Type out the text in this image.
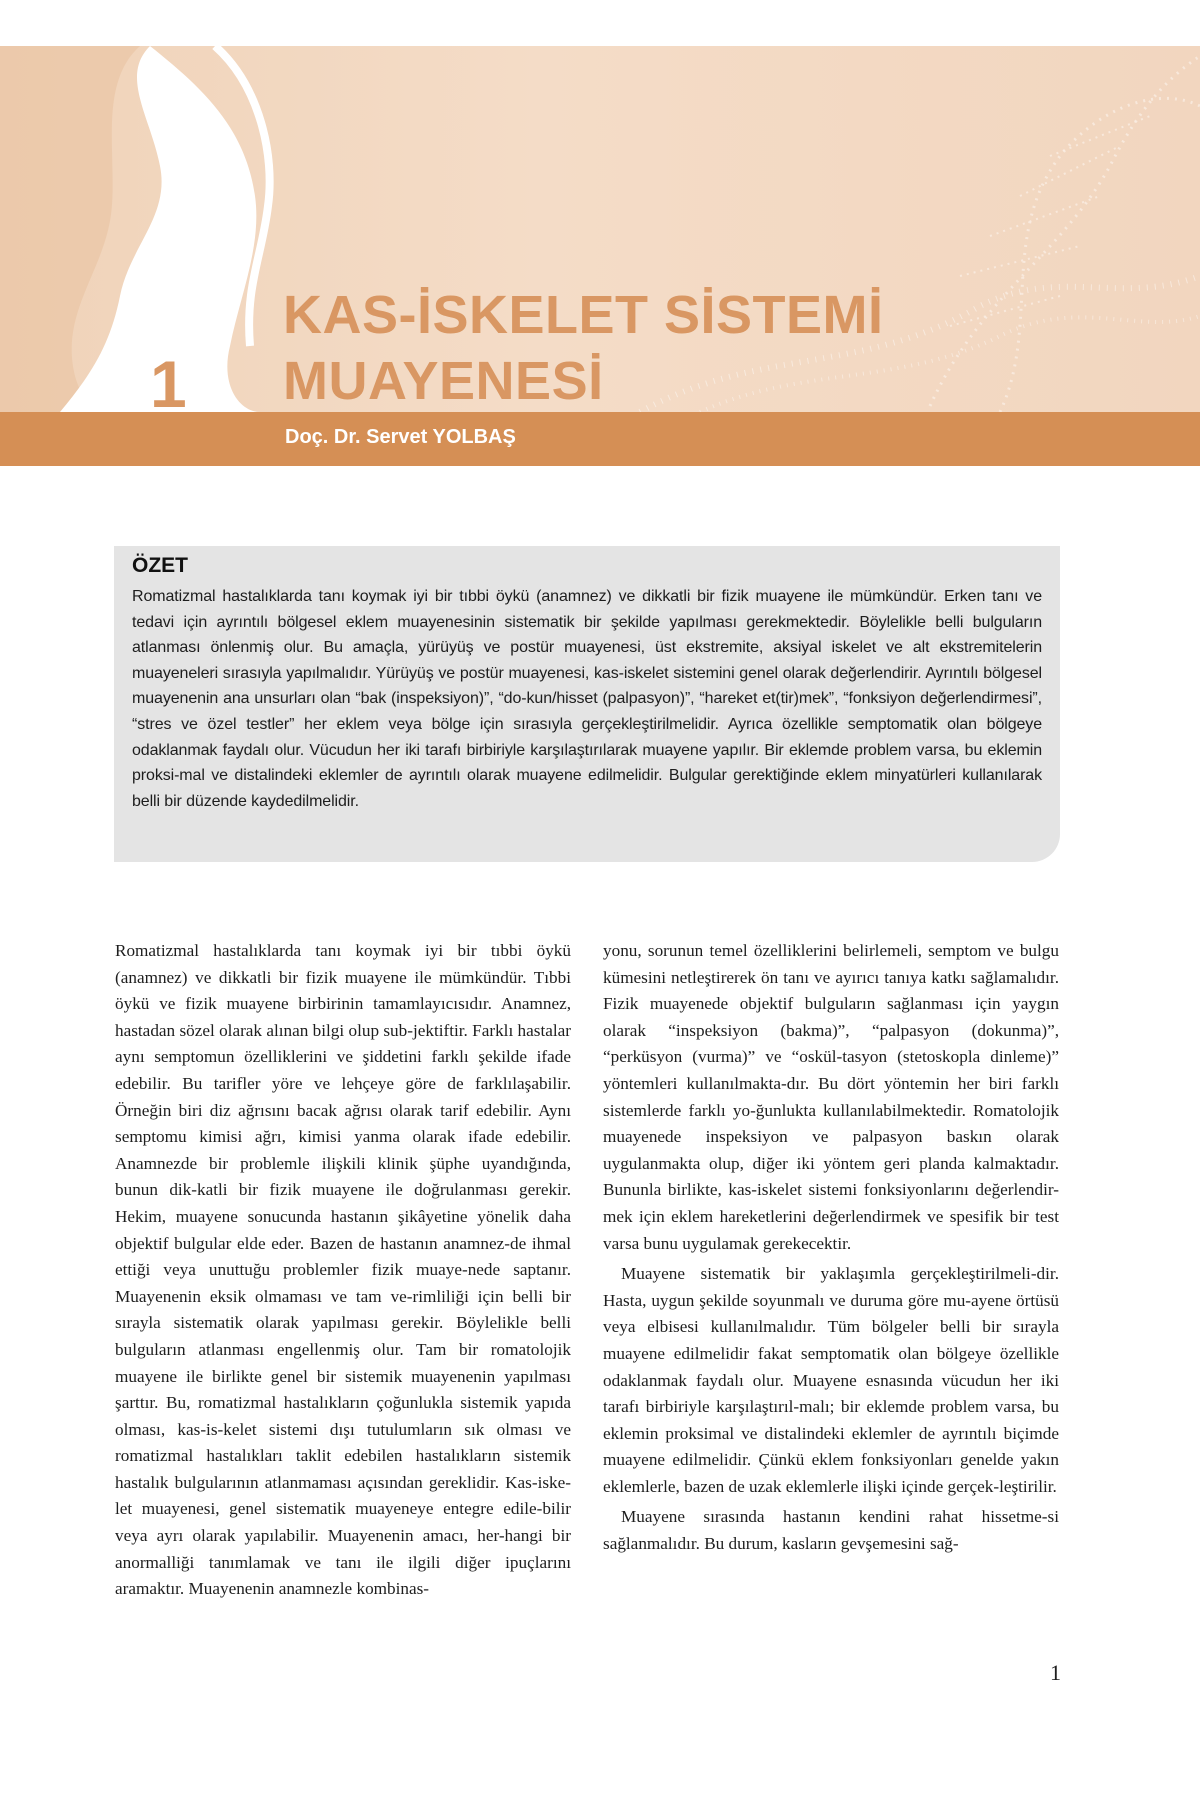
1
KAS-İSKELET SİSTEMİ
MUAYENESİ
Doç. Dr. Servet YOLBAŞ
ÖZET

Romatizmal hastalıklarda tanı koymak iyi bir tıbbi öykü (anamnez) ve dikkatli bir fizik muayene ile mümkündür. Erken tanı ve tedavi için ayrıntılı bölgesel eklem muayenesinin sistematik bir şekilde yapılması gerekmektedir. Böylelikle belli bulguların atlanması önlenmiş olur. Bu amaçla, yürüyüş ve postür muayenesi, üst ekstremite, aksiyal iskelet ve alt ekstremitelerin muayeneleri sırasıyla yapılmalıdır. Yürüyüş ve postür muayenesi, kas-iskelet sistemini genel olarak değerlendirir. Ayrıntılı bölgesel muayenenin ana unsurları olan “bak (inspeksiyon)”, “do-kun/hisset (palpasyon)”, “hareket et(tir)mek”, “fonksiyon değerlendirmesi”, “stres ve özel testler” her eklem veya bölge için sırasıyla gerçekleştirilmelidir. Ayrıca özellikle semptomatik olan bölgeye odaklanmak faydalı olur. Vücudun her iki tarafı birbiriyle karşılaştırılarak muayene yapılır. Bir eklemde problem varsa, bu eklemin proksi-mal ve distalindeki eklemler de ayrıntılı olarak muayene edilmelidir. Bulgular gerektiğinde eklem minyatürleri kullanılarak belli bir düzende kaydedilmelidir.

Romatizmal hastalıklarda tanı koymak iyi bir tıbbi öykü (anamnez) ve dikkatli bir fizik muayene ile mümkündür. Tıbbi öykü ve fizik muayene birbirinin tamamlayıcısıdır. Anamnez, hastadan sözel olarak alınan bilgi olup sub-jektiftir. Farklı hastalar aynı semptomun özelliklerini ve şiddetini farklı şekilde ifade edebilir. Bu tarifler yöre ve lehçeye göre de farklılaşabilir. Örneğin biri diz ağrısını bacak ağrısı olarak tarif edebilir. Aynı semptomu kimisi ağrı, kimisi yanma olarak ifade edebilir. Anamnezde bir problemle ilişkili klinik şüphe uyandığında, bunun dik-katli bir fizik muayene ile doğrulanması gerekir. Hekim, muayene sonucunda hastanın şikâyetine yönelik daha objektif bulgular elde eder. Bazen de hastanın anamnez-de ihmal ettiği veya unuttuğu problemler fizik muaye-nede saptanır. Muayenenin eksik olmaması ve tam ve-rimliliği için belli bir sırayla sistematik olarak yapılması gerekir. Böylelikle belli bulguların atlanması engellenmiş olur. Tam bir romatolojik muayene ile birlikte genel bir sistemik muayenenin yapılması şarttır. Bu, romatizmal hastalıkların çoğunlukla sistemik yapıda olması, kas-is-kelet sistemi dışı tutulumların sık olması ve romatizmal hastalıkları taklit edebilen hastalıkların sistemik hastalık bulgularının atlanmaması açısından gereklidir. Kas-iske-let muayenesi, genel sistematik muayeneye entegre edile-bilir veya ayrı olarak yapılabilir. Muayenenin amacı, her-hangi bir anormalliği tanımlamak ve tanı ile ilgili diğer ipuçlarını aramaktır. Muayenenin anamnezle kombinas-

yonu, sorunun temel özelliklerini belirlemeli, semptom ve bulgu kümesini netleştirerek ön tanı ve ayırıcı tanıya katkı sağlamalıdır. Fizik muayenede objektif bulguların sağlanması için yaygın olarak “inspeksiyon (bakma)”, “palpasyon (dokunma)”, “perküsyon (vurma)” ve “oskül-tasyon (stetoskopla dinleme)” yöntemleri kullanılmakta-dır. Bu dört yöntemin her biri farklı sistemlerde farklı yo-ğunlukta kullanılabilmektedir. Romatolojik muayenede inspeksiyon ve palpasyon baskın olarak uygulanmakta olup, diğer iki yöntem geri planda kalmaktadır. Bununla birlikte, kas-iskelet sistemi fonksiyonlarını değerlendir-mek için eklem hareketlerini değerlendirmek ve spesifik bir test varsa bunu uygulamak gerekecektir.

Muayene sistematik bir yaklaşımla gerçekleştirilmeli-dir. Hasta, uygun şekilde soyunmalı ve duruma göre mu-ayene örtüsü veya elbisesi kullanılmalıdır. Tüm bölgeler belli bir sırayla muayene edilmelidir fakat semptomatik olan bölgeye özellikle odaklanmak faydalı olur. Muayene esnasında vücudun her iki tarafı birbiriyle karşılaştırıl-malı; bir eklemde problem varsa, bu eklemin proksimal ve distalindeki eklemler de ayrıntılı biçimde muayene edilmelidir. Çünkü eklem fonksiyonları genelde yakın eklemlerle, bazen de uzak eklemlerle ilişki içinde gerçek-leştirilir.

Muayene sırasında hastanın kendini rahat hissetme-si sağlanmalıdır. Bu durum, kasların gevşemesini sağ-

1
